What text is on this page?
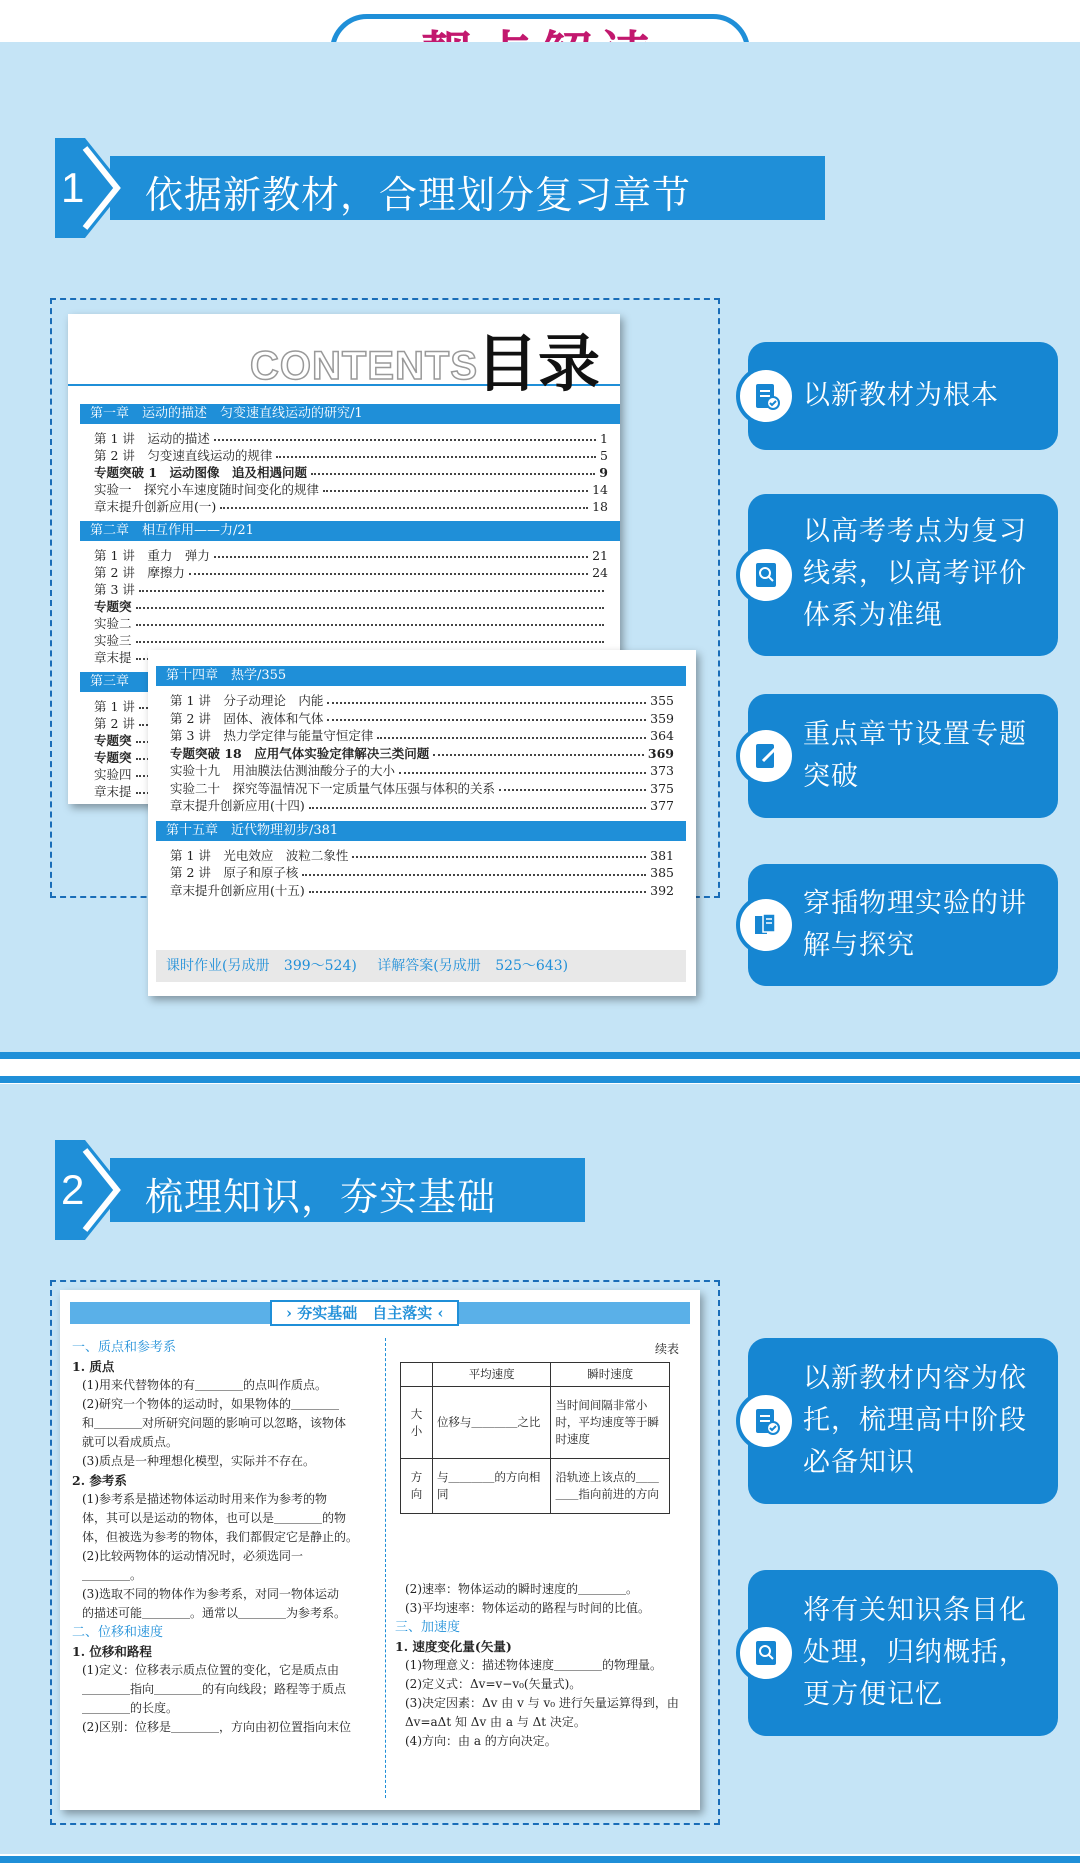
1 依据新教材，合理划分复习章节
CONTENTS
目录
第一章　运动的描述　匀变速直线运动的研究/1
第 1 讲　运动的描述	1
第 2 讲　匀变速直线运动的规律	5
专题突破 1　运动图像　追及相遇问题	9
实验一　探究小车速度随时间变化的规律	14
章末提升创新应用(一)	18
第二章　相互作用——力/21
第 1 讲　重力　弹力	21
第 2 讲　摩擦力	24
第 3 讲
专题突
实验二
实验三
章末提
第三章
第 1 讲
第 2 讲
专题突
专题突
实验四
章末提
第十四章　热学/355
第 1 讲　分子动理论　内能	355
第 2 讲　固体、液体和气体	359
第 3 讲　热力学定律与能量守恒定律	364
专题突破 18　应用气体实验定律解决三类问题	369
实验十九　用油膜法估测油酸分子的大小	373
实验二十　探究等温情况下一定质量气体压强与体积的关系	375
章末提升创新应用(十四)	377
第十五章　近代物理初步/381
第 1 讲　光电效应　波粒二象性	381
第 2 讲　原子和原子核	385
章末提升创新应用(十五)	392
课时作业(另成册 399～524) 详解答案(另成册 525～643)
以新教材为根本
以高考考点为复习线索，以高考评价体系为准绳
重点章节设置专题突破
穿插物理实验的讲解与探究
2 梳理知识，夯实基础
› 夯实基础　自主落实 ‹
一、质点和参考系
1. 质点
(1)用来代替物体的有＿＿＿＿的点叫作质点。
(2)研究一个物体的运动时，如果物体的＿＿＿＿
和＿＿＿＿对所研究问题的影响可以忽略，该物体
就可以看成质点。
(3)质点是一种理想化模型，实际并不存在。
2. 参考系
(1)参考系是描述物体运动时用来作为参考的物
体，其可以是运动的物体，也可以是＿＿＿＿的物
体，但被选为参考的物体，我们都假定它是静止的。
(2)比较两物体的运动情况时，必须选同一
＿＿＿＿。
(3)选取不同的物体作为参考系，对同一物体运动
的描述可能＿＿＿＿。通常以＿＿＿＿为参考系。
二、位移和速度
1. 位移和路程
(1)定义：位移表示质点位置的变化，它是质点由
＿＿＿＿指向＿＿＿＿的有向线段；路程等于质点
＿＿＿＿的长度。
(2)区别：位移是＿＿＿＿，方向由初位置指向末位
续表
	平均速度	瞬时速度
大小	位移与＿＿＿＿之比	当时间间隔非常小时，平均速度等于瞬时速度
方向	与＿＿＿＿的方向相同	沿轨迹上该点的＿＿＿＿指向前进的方向
(2)速率：物体运动的瞬时速度的＿＿＿＿。
(3)平均速率：物体运动的路程与时间的比值。
三、加速度
1. 速度变化量(矢量)
(1)物理意义：描述物体速度＿＿＿＿的物理量。
(2)定义式：Δv=v−v₀(矢量式)。
(3)决定因素：Δv 由 v 与 v₀ 进行矢量运算得到，由
Δv=aΔt 知 Δv 由 a 与 Δt 决定。
(4)方向：由 a 的方向决定。
以新教材内容为依托，梳理高中阶段必备知识
将有关知识条目化处理，归纳概括，更方便记忆
